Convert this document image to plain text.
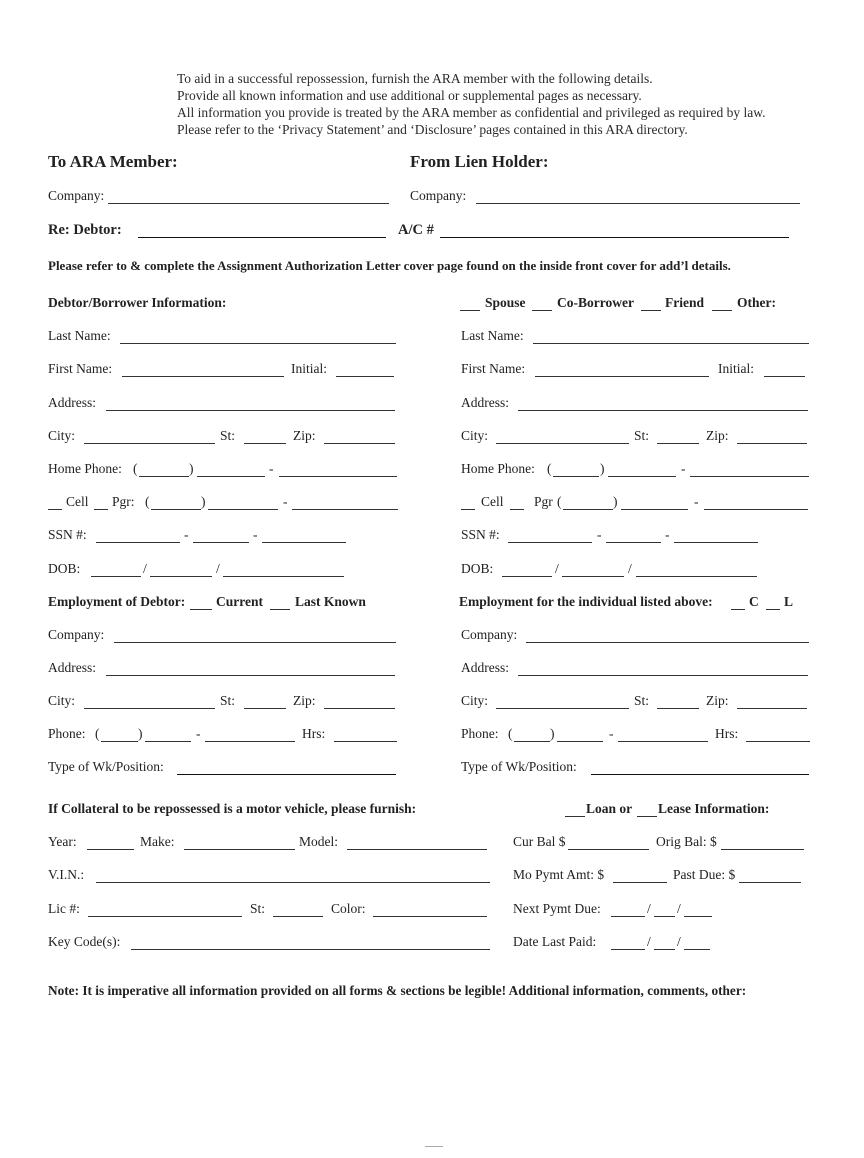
To aid in a successful repossession, furnish the ARA member with the following details.
Provide all known information and use additional or supplemental pages as necessary.
All information you provide is treated by the ARA member as confidential and privileged as required by law.
Please refer to the ‘Privacy Statement’ and ‘Disclosure’ pages contained in this ARA directory.
To ARA Member:	From Lien Holder:
Company:	Company:
Re: Debtor:	A/C #
Please refer to & complete the Assignment Authorization Letter cover page found on the inside front cover for add’l details.
Debtor/Borrower Information:	Spouse Co-Borrower Friend Other:
Last Name:
First Name:	Initial:
Address:
City:	St:	Zip:
Home Phone: (	)	-
Cell Pgr: (	)	-
SSN #:	-	-
DOB:	/	/
Last Name:
First Name:	Initial:
Address:
City:	St:	Zip:
Home Phone: (	)	-
Cell Pgr (	)	-
SSN #:	-	-
DOB:	/	/
Employment of Debtor: Current Last Known	Employment for the individual listed above:	C L
Company:
Address:
City:	St:	Zip:
Phone: (	)	-	Hrs:
Type of Wk/Position:
Company:
Address:
City:	St:	Zip:
Phone: (	)	-	Hrs:
Type of Wk/Position:
If Collateral to be repossessed is a motor vehicle, please furnish:	Loan or Lease Information:
Year:	Make:	Model:
V.I.N.:
Lic #:	St:	Color:
Key Code(s):
Cur Bal $	Orig Bal: $
Mo Pymt Amt: $	Past Due: $
Next Pymt Due:	/ /
Date Last Paid:	/ /
Note: It is imperative all information provided on all forms & sections be legible! Additional information, comments, other:
